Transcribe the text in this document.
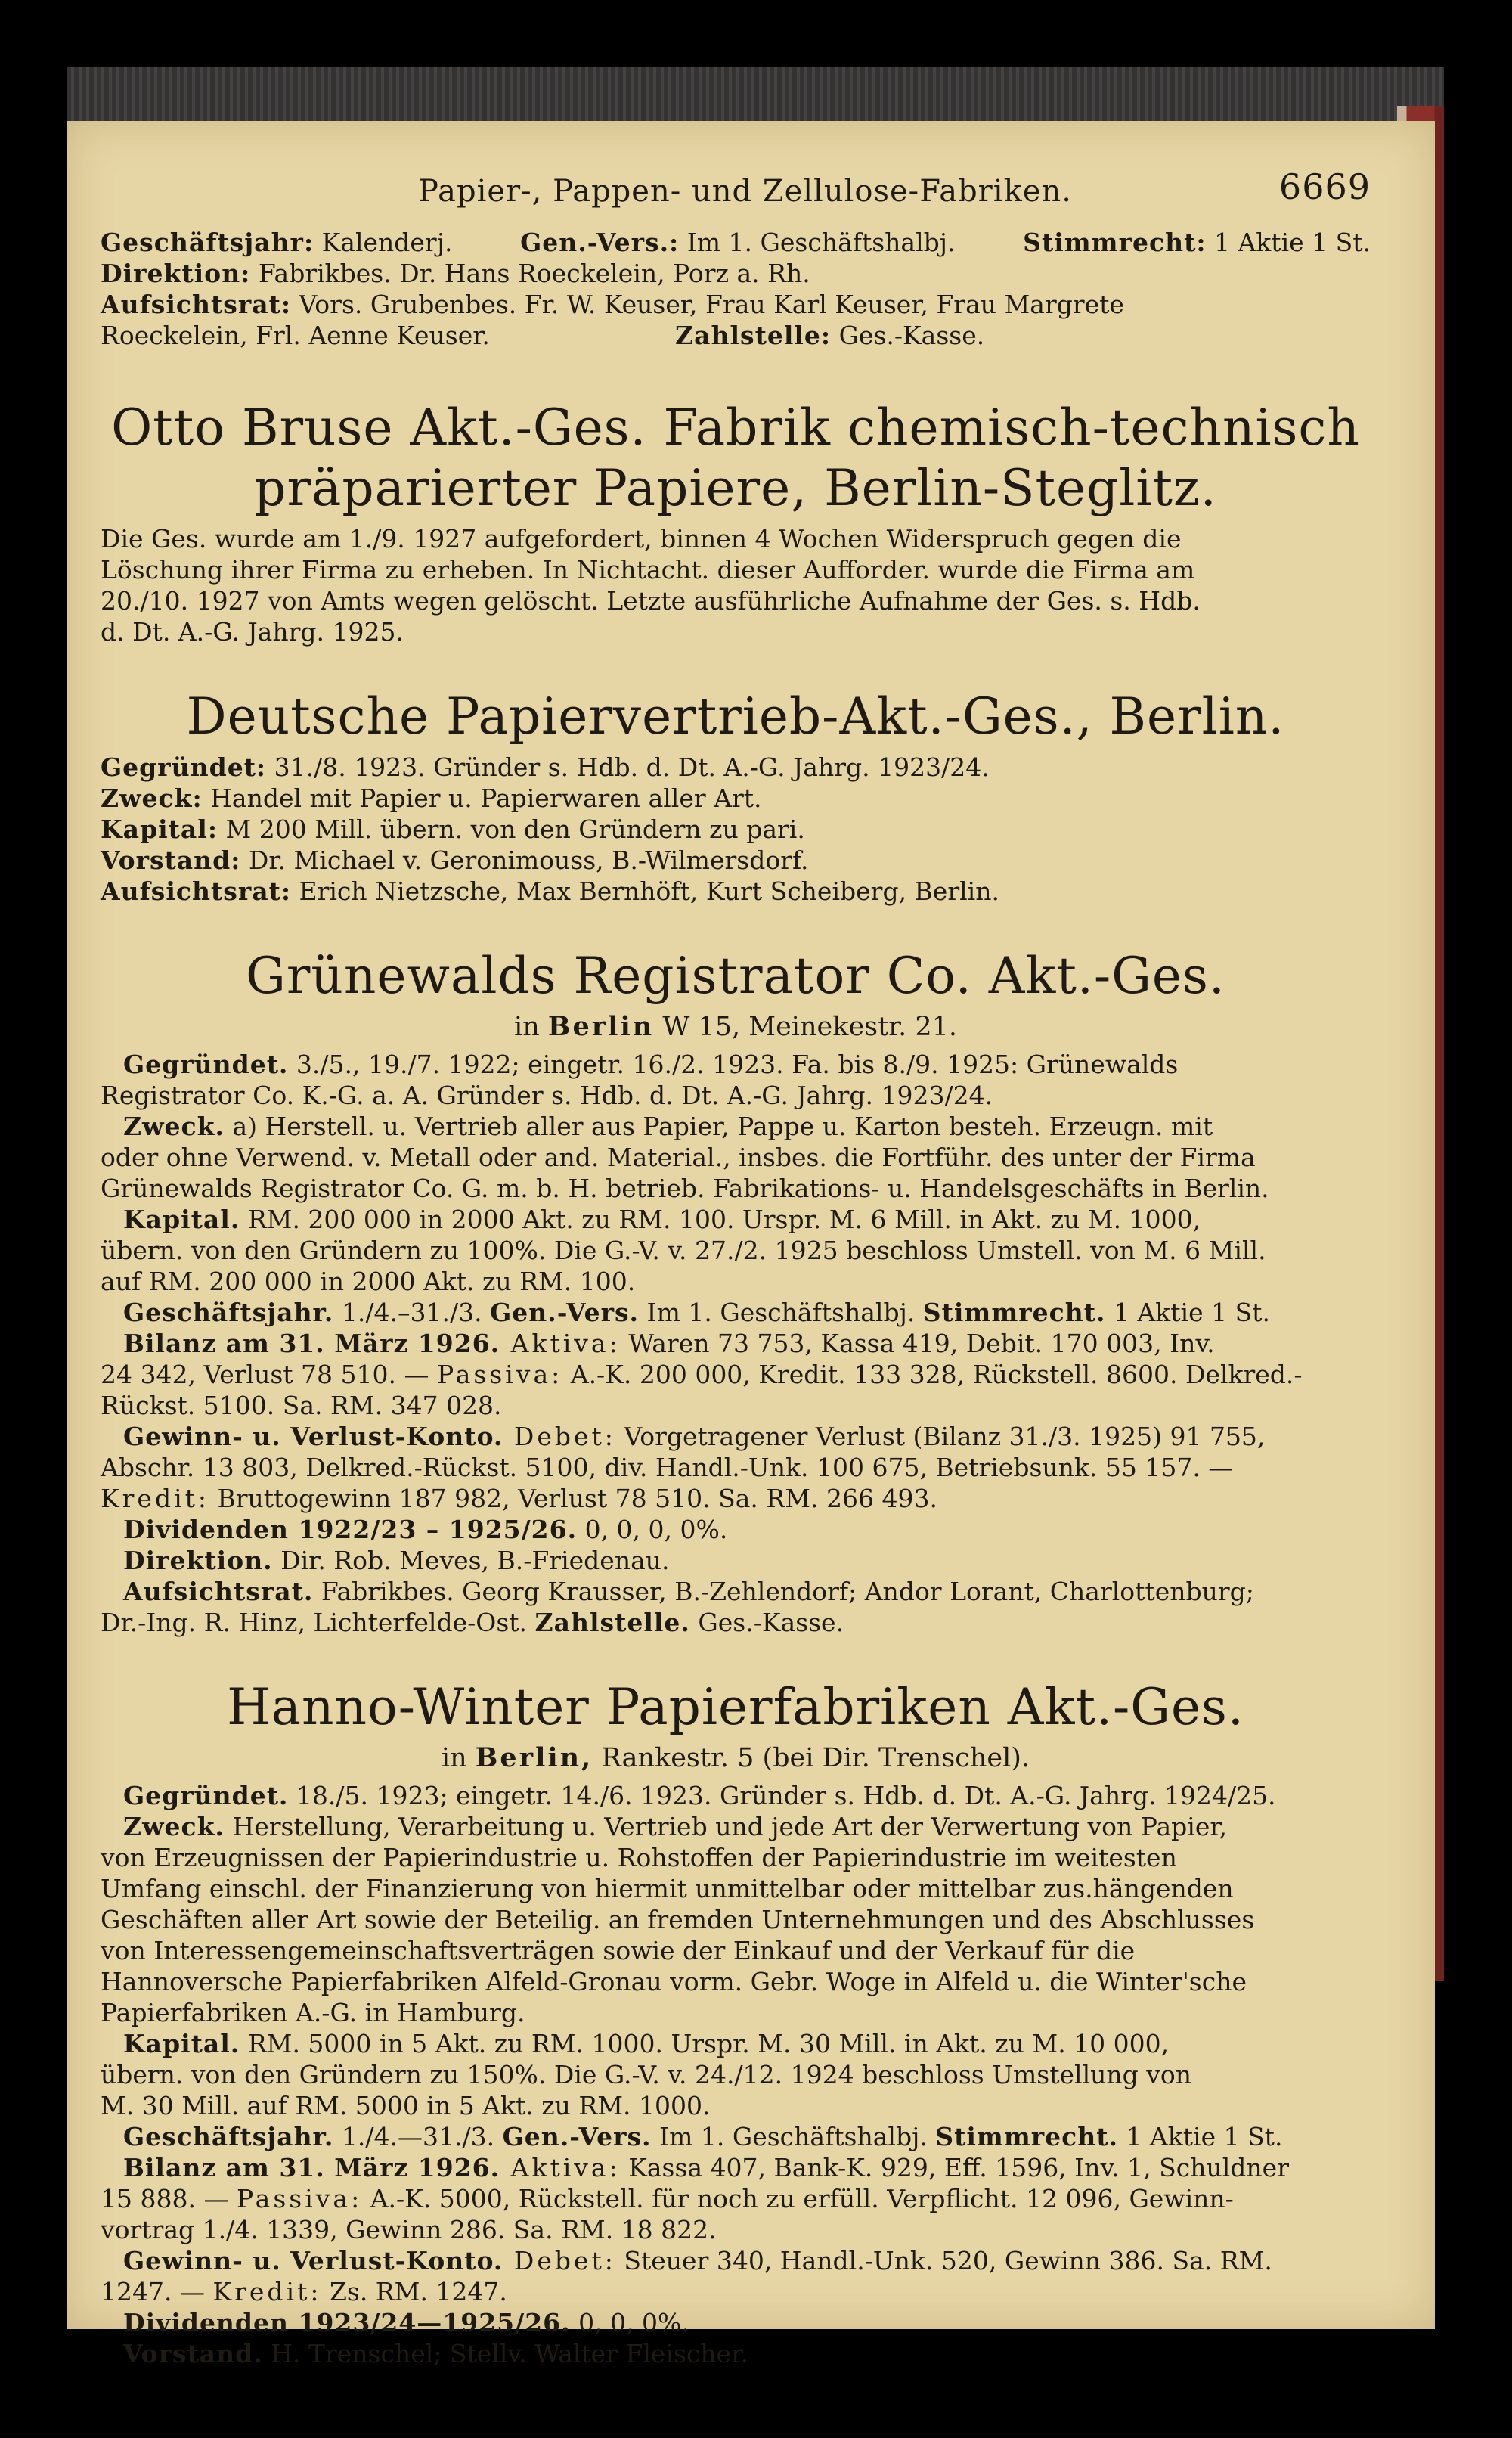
Papier-, Pappen- und Zellulose-Fabriken.	6669
Geschäftsjahr: Kalenderj.	Gen.-Vers.: Im 1. Geschäftshalbj.	Stimmrecht: 1 Aktie 1 St.
Direktion: Fabrikbes. Dr. Hans Roeckelein, Porz a. Rh.
Aufsichtsrat: Vors. Grubenbes. Fr. W. Keuser, Frau Karl Keuser, Frau Margrete
Roeckelein, Frl. Aenne Keuser.	Zahlstelle: Ges.-Kasse.
Otto Bruse Akt.-Ges. Fabrik chemisch-technisch
präparierter Papiere, Berlin-Steglitz.
Die Ges. wurde am 1./9. 1927 aufgefordert, binnen 4 Wochen Widerspruch gegen die
Löschung ihrer Firma zu erheben. In Nichtacht. dieser Aufforder. wurde die Firma am
20./10. 1927 von Amts wegen gelöscht. Letzte ausführliche Aufnahme der Ges. s. Hdb.
d. Dt. A.-G. Jahrg. 1925.
Deutsche Papiervertrieb-Akt.-Ges., Berlin.
Gegründet: 31./8. 1923. Gründer s. Hdb. d. Dt. A.-G. Jahrg. 1923/24.
Zweck: Handel mit Papier u. Papierwaren aller Art.
Kapital: M 200 Mill. übern. von den Gründern zu pari.
Vorstand: Dr. Michael v. Geronimouss, B.-Wilmersdorf.
Aufsichtsrat: Erich Nietzsche, Max Bernhöft, Kurt Scheiberg, Berlin.
Grünewalds Registrator Co. Akt.-Ges.
in Berlin W 15, Meinekestr. 21.
Gegründet. 3./5., 19./7. 1922; eingetr. 16./2. 1923. Fa. bis 8./9. 1925: Grünewalds
Registrator Co. K.-G. a. A. Gründer s. Hdb. d. Dt. A.-G. Jahrg. 1923/24.
Zweck. a) Herstell. u. Vertrieb aller aus Papier, Pappe u. Karton besteh. Erzeugn. mit
oder ohne Verwend. v. Metall oder and. Material., insbes. die Fortführ. des unter der Firma
Grünewalds Registrator Co. G. m. b. H. betrieb. Fabrikations- u. Handelsgeschäfts in Berlin.
Kapital. RM. 200 000 in 2000 Akt. zu RM. 100. Urspr. M. 6 Mill. in Akt. zu M. 1000,
übern. von den Gründern zu 100%. Die G.-V. v. 27./2. 1925 beschloss Umstell. von M. 6 Mill.
auf RM. 200 000 in 2000 Akt. zu RM. 100.
Geschäftsjahr. 1./4.–31./3. Gen.-Vers. Im 1. Geschäftshalbj. Stimmrecht. 1 Aktie 1 St.
Bilanz am 31. März 1926. Aktiva: Waren 73 753, Kassa 419, Debit. 170 003, Inv.
24 342, Verlust 78 510. — Passiva: A.-K. 200 000, Kredit. 133 328, Rückstell. 8600. Delkred.-
Rückst. 5100. Sa. RM. 347 028.
Gewinn- u. Verlust-Konto. Debet: Vorgetragener Verlust (Bilanz 31./3. 1925) 91 755,
Abschr. 13 803, Delkred.-Rückst. 5100, div. Handl.-Unk. 100 675, Betriebsunk. 55 157. —
Kredit: Bruttogewinn 187 982, Verlust 78 510. Sa. RM. 266 493.
Dividenden 1922/23 – 1925/26. 0, 0, 0, 0%.
Direktion. Dir. Rob. Meves, B.-Friedenau.
Aufsichtsrat. Fabrikbes. Georg Krausser, B.-Zehlendorf; Andor Lorant, Charlottenburg;
Dr.-Ing. R. Hinz, Lichterfelde-Ost. Zahlstelle. Ges.-Kasse.
Hanno-Winter Papierfabriken Akt.-Ges.
in Berlin, Rankestr. 5 (bei Dir. Trenschel).
Gegründet. 18./5. 1923; eingetr. 14./6. 1923. Gründer s. Hdb. d. Dt. A.-G. Jahrg. 1924/25.
Zweck. Herstellung, Verarbeitung u. Vertrieb und jede Art der Verwertung von Papier,
von Erzeugnissen der Papierindustrie u. Rohstoffen der Papierindustrie im weitesten
Umfang einschl. der Finanzierung von hiermit unmittelbar oder mittelbar zus.hängenden
Geschäften aller Art sowie der Beteilig. an fremden Unternehmungen und des Abschlusses
von Interessengemeinschaftsverträgen sowie der Einkauf und der Verkauf für die
Hannoversche Papierfabriken Alfeld-Gronau vorm. Gebr. Woge in Alfeld u. die Winter'sche
Papierfabriken A.-G. in Hamburg.
Kapital. RM. 5000 in 5 Akt. zu RM. 1000. Urspr. M. 30 Mill. in Akt. zu M. 10 000,
übern. von den Gründern zu 150%. Die G.-V. v. 24./12. 1924 beschloss Umstellung von
M. 30 Mill. auf RM. 5000 in 5 Akt. zu RM. 1000.
Geschäftsjahr. 1./4.—31./3. Gen.-Vers. Im 1. Geschäftshalbj. Stimmrecht. 1 Aktie 1 St.
Bilanz am 31. März 1926. Aktiva: Kassa 407, Bank-K. 929, Eff. 1596, Inv. 1, Schuldner
15 888. — Passiva: A.-K. 5000, Rückstell. für noch zu erfüll. Verpflicht. 12 096, Gewinn-
vortrag 1./4. 1339, Gewinn 286. Sa. RM. 18 822.
Gewinn- u. Verlust-Konto. Debet: Steuer 340, Handl.-Unk. 520, Gewinn 386. Sa. RM.
1247. — Kredit: Zs. RM. 1247.
Dividenden 1923/24—1925/26. 0, 0, 0%.
Vorstand. H. Trenschel; Stellv. Walter Fleischer.
